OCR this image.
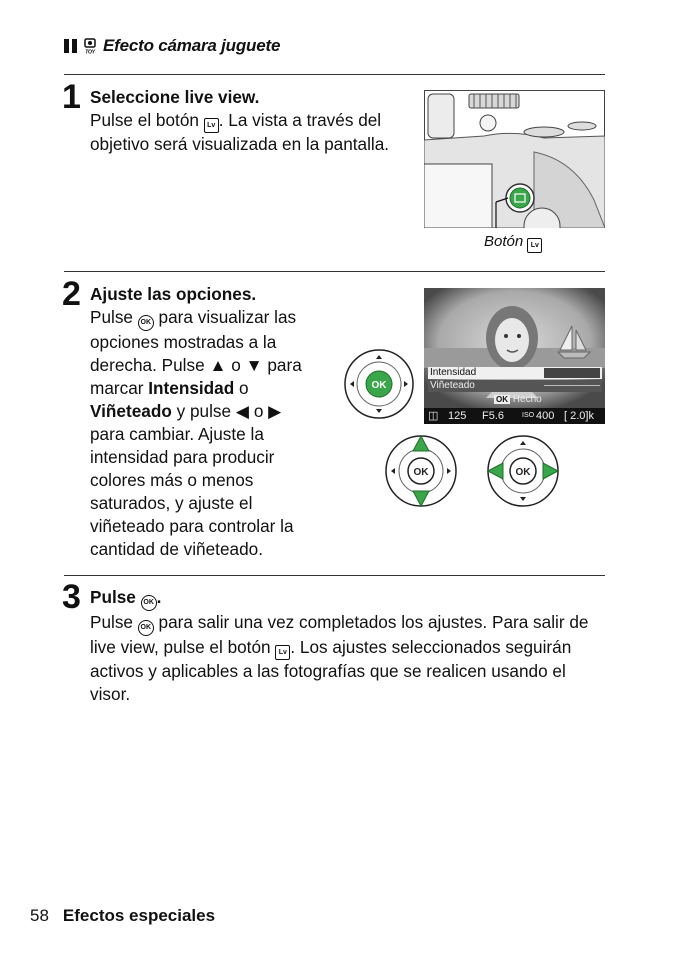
TOY Efecto cámara juguete
1 Seleccione live view.
Pulse el botón Lv . La vista a través del
objetivo será visualizada en la pantalla.
Botón Lv
2 Ajuste las opciones.
Pulse OK para visualizar las
opciones mostradas a la
derecha. Pulse ▲ o ▼ para
marcar Intensidad o
Viñeteado y pulse ◀ o ▶
para cambiar. Ajuste la
intensidad para producir
colores más o menos
saturados, y ajuste el
viñeteado para controlar la
cantidad de viñeteado.
OK
Intensidad
Viñeteado
OK Hecho
◫ 125 F5.6	ISO 400 [ 2.0]k
OK	OK
3 Pulse OK .
Pulse OK para salir una vez completados los ajustes. Para salir de
live view, pulse el botón Lv . Los ajustes seleccionados seguirán
activos y aplicables a las fotografías que se realicen usando el
visor.
58 Efectos especiales
